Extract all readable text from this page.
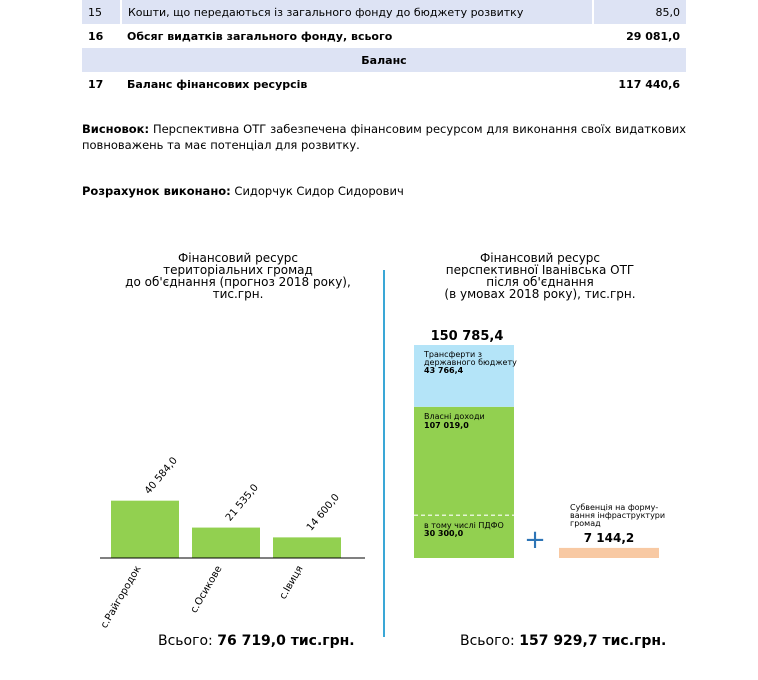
15	Кошти, що передаються із загального фонду до бюджету розвитку	85,0
16	Обсяг видатків загального фонду, всього	29 081,0
Баланс		
17	Баланс фінансових ресурсів	117 440,6
Висновок: Перспективна ОТГ забезпечена фінансовим ресурсом для виконання своїх видаткових повноважень та має потенціал для розвитку.
Розрахунок виконано: Сидорчук Сидор Сидорович
Фінансовий ресурс
територіальних громад
до об'єднання (прогноз 2018 року),
тис.грн.
40 584,0
с.Райгородок
21 535,0
с.Осикове
14 600,0
с.Івиця
Фінансовий ресурс
перспективної Іванівська ОТГ
після об'єднання
(в умовах 2018 року), тис.грн.
Власні доходи
107 019,0
Трансферти з
державного бюджету
43 766,4
150 785,4
в тому числі ПДФО
30 300,0 +	7 144,2
Субвенція на форму-
вання інфраструктури
громад
Всього: 76 719,0 тис.грн.	Всього: 157 929,7 тис.грн.
